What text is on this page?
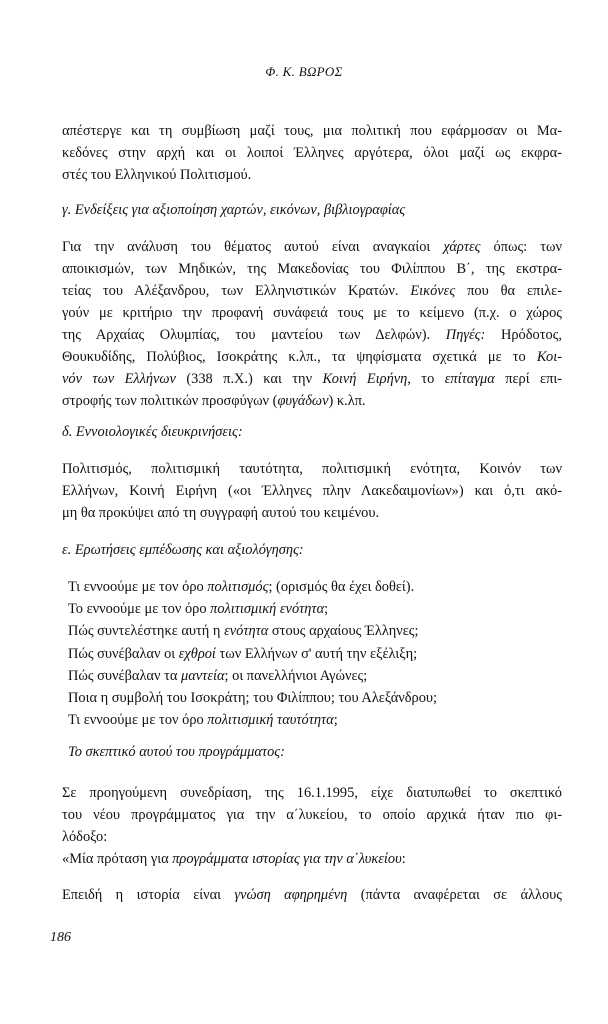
Φ. Κ. ΒΩΡΟΣ
απέστεργε και τη συμβίωση μαζί τους, μια πολιτική που εφάρμοσαν οι Μα-
κεδόνες στην αρχή και οι λοιποί Έλληνες αργότερα, όλοι μαζί ως εκφρα-
στές του Ελληνικού Πολιτισμού.
γ. Ενδείξεις για αξιοποίηση χαρτών, εικόνων, βιβλιογραφίας
Για την ανάλυση του θέματος αυτού είναι αναγκαίοι χάρτες όπως: των
αποικισμών, των Μηδικών, της Μακεδονίας του Φιλίππου Β΄, της εκστρα-
τείας του Αλέξανδρου, των Ελληνιστικών Κρατών. Εικόνες που θα επιλε-
γούν με κριτήριο την προφανή συνάφειά τους με το κείμενο (π.χ. ο χώρος
της Αρχαίας Ολυμπίας, του μαντείου των Δελφών). Πηγές: Ηρόδοτος,
Θουκυδίδης, Πολύβιος, Ισοκράτης κ.λπ., τα ψηφίσματα σχετικά με το Κοι-
νόν των Ελλήνων (338 π.Χ.) και την Κοινή Ειρήνη, το επίταγμα περί επι-
στροφής των πολιτικών προσφύγων (φυγάδων) κ.λπ.
δ. Εννοιολογικές διευκρινήσεις:
Πολιτισμός, πολιτισμική ταυτότητα, πολιτισμική ενότητα, Κοινόν των
Ελλήνων, Κοινή Ειρήνη («οι Έλληνες πλην Λακεδαιμονίων») και ό,τι ακό-
μη θα προκύψει από τη συγγραφή αυτού του κειμένου.
ε. Ερωτήσεις εμπέδωσης και αξιολόγησης:
Τι εννοούμε με τον όρο πολιτισμός; (ορισμός θα έχει δοθεί).
Το εννοούμε με τον όρο πολιτισμική ενότητα;
Πώς συντελέστηκε αυτή η ενότητα στους αρχαίους Έλληνες;
Πώς συνέβαλαν οι εχθροί των Ελλήνων σ' αυτή την εξέλιξη;
Πώς συνέβαλαν τα μαντεία; οι πανελλήνιοι Αγώνες;
Ποια η συμβολή του Ισοκράτη; του Φιλίππου; του Αλεξάνδρου;
Τι εννοούμε με τον όρο πολιτισμική ταυτότητα;
Το σκεπτικό αυτού του προγράμματος:
Σε προηγούμενη συνεδρίαση, της 16.1.1995, είχε διατυπωθεί το σκεπτικό
του νέου προγράμματος για την α΄λυκείου, το οποίο αρχικά ήταν πιο φι-
λόδοξο:
«Μία πρόταση για προγράμματα ιστορίας για την α΄λυκείου:
Επειδή η ιστορία είναι γνώση αφηρημένη (πάντα αναφέρεται σε άλλους
186
